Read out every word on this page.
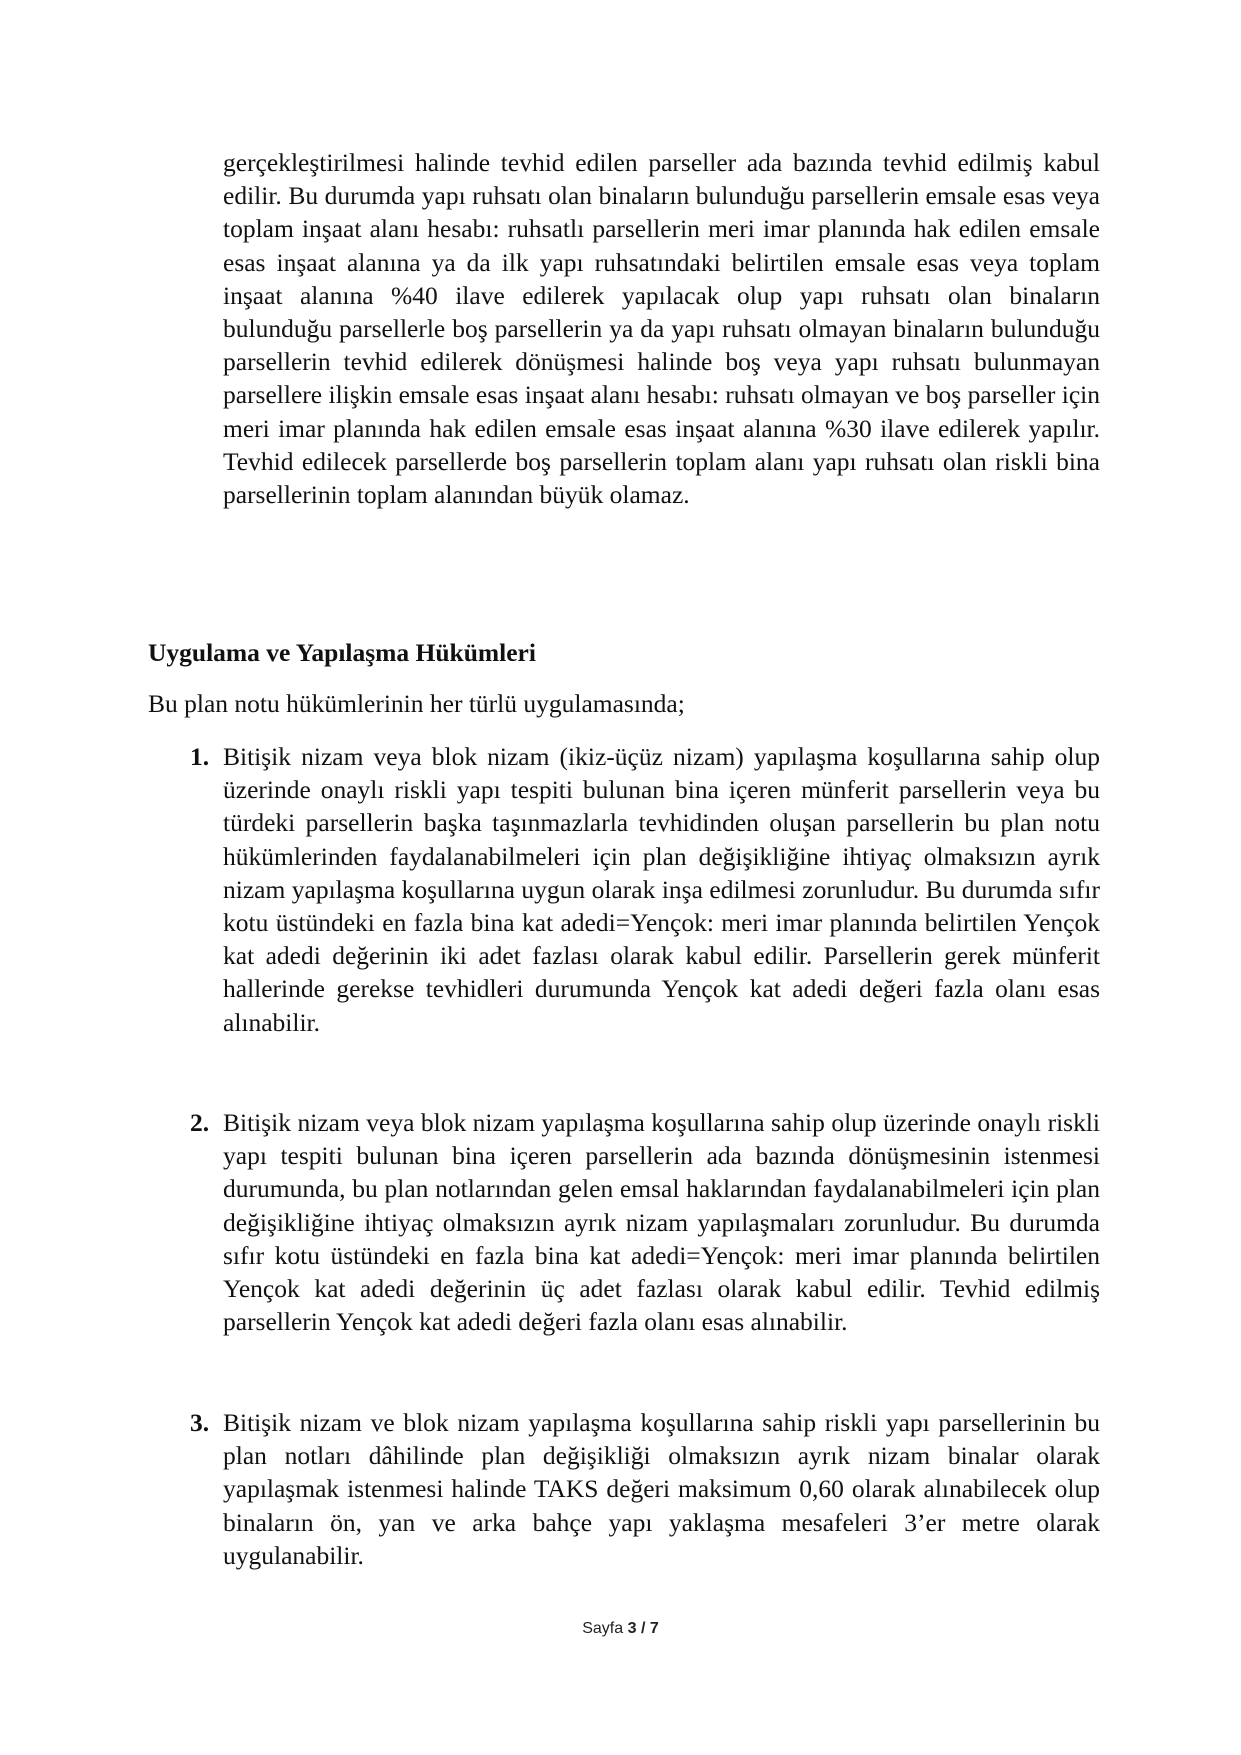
gerçekleştirilmesi halinde tevhid edilen parseller ada bazında tevhid edilmiş kabul edilir. Bu durumda yapı ruhsatı olan binaların bulunduğu parsellerin emsale esas veya toplam inşaat alanı hesabı: ruhsatlı parsellerin meri imar planında hak edilen emsale esas inşaat alanına ya da ilk yapı ruhsatındaki belirtilen emsale esas veya toplam inşaat alanına %40 ilave edilerek yapılacak olup yapı ruhsatı olan binaların bulunduğu parsellerle boş parsellerin ya da yapı ruhsatı olmayan binaların bulunduğu parsellerin tevhid edilerek dönüşmesi halinde boş veya yapı ruhsatı bulunmayan parsellere ilişkin emsale esas inşaat alanı hesabı: ruhsatı olmayan ve boş parseller için meri imar planında hak edilen emsale esas inşaat alanına %30 ilave edilerek yapılır. Tevhid edilecek parsellerde boş parsellerin toplam alanı yapı ruhsatı olan riskli bina parsellerinin toplam alanından büyük olamaz.

Uygulama ve Yapılaşma Hükümleri

Bu plan notu hükümlerinin her türlü uygulamasında;

1. Bitişik nizam veya blok nizam (ikiz-üçüz nizam) yapılaşma koşullarına sahip olup üzerinde onaylı riskli yapı tespiti bulunan bina içeren münferit parsellerin veya bu türdeki parsellerin başka taşınmazlarla tevhidinden oluşan parsellerin bu plan notu hükümlerinden faydalanabilmeleri için plan değişikliğine ihtiyaç olmaksızın ayrık nizam yapılaşma koşullarına uygun olarak inşa edilmesi zorunludur. Bu durumda sıfır kotu üstündeki en fazla bina kat adedi=Yençok: meri imar planında belirtilen Yençok kat adedi değerinin iki adet fazlası olarak kabul edilir. Parsellerin gerek münferit hallerinde gerekse tevhidleri durumunda Yençok kat adedi değeri fazla olanı esas alınabilir.

2. Bitişik nizam veya blok nizam yapılaşma koşullarına sahip olup üzerinde onaylı riskli yapı tespiti bulunan bina içeren parsellerin ada bazında dönüşmesinin istenmesi durumunda, bu plan notlarından gelen emsal haklarından faydalanabilmeleri için plan değişikliğine ihtiyaç olmaksızın ayrık nizam yapılaşmaları zorunludur. Bu durumda sıfır kotu üstündeki en fazla bina kat adedi=Yençok: meri imar planında belirtilen Yençok kat adedi değerinin üç adet fazlası olarak kabul edilir. Tevhid edilmiş parsellerin Yençok kat adedi değeri fazla olanı esas alınabilir.

3. Bitişik nizam ve blok nizam yapılaşma koşullarına sahip riskli yapı parsellerinin bu plan notları dâhilinde plan değişikliği olmaksızın ayrık nizam binalar olarak yapılaşmak istenmesi halinde TAKS değeri maksimum 0,60 olarak alınabilecek olup binaların ön, yan ve arka bahçe yapı yaklaşma mesafeleri 3’er metre olarak uygulanabilir.

Sayfa 3 / 7
